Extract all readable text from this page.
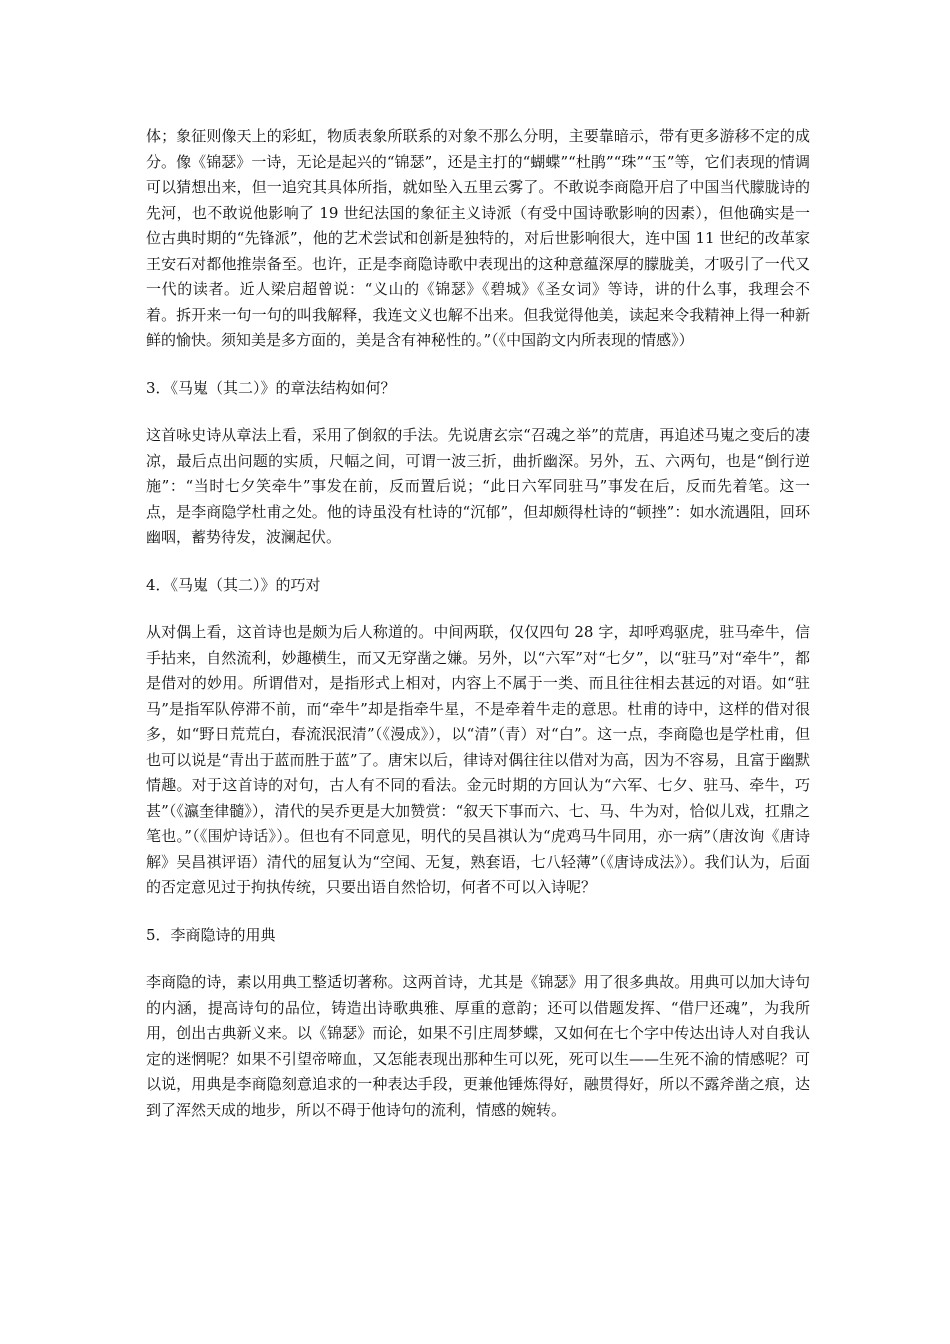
体；象征则像天上的彩虹，物质表象所联系的对象不那么分明，主要靠暗示，带有更多游移不定的成分。像《锦瑟》一诗，无论是起兴的“锦瑟”，还是主打的“蝴蝶”“杜鹃”“珠”“玉”等，它们表现的情调可以猜想出来，但一追究其具体所指，就如坠入五里云雾了。不敢说李商隐开启了中国当代朦胧诗的先河，也不敢说他影响了 19 世纪法国的象征主义诗派（有受中国诗歌影响的因素），但他确实是一位古典时期的“先锋派”，他的艺术尝试和创新是独特的，对后世影响很大，连中国 11 世纪的改革家王安石对都他推崇备至。也许，正是李商隐诗歌中表现出的这种意蕴深厚的朦胧美，才吸引了一代又一代的读者。近人梁启超曾说：“义山的《锦瑟》《碧城》《圣女词》等诗，讲的什么事，我理会不着。拆开来一句一句的叫我解释，我连文义也解不出来。但我觉得他美，读起来令我精神上得一种新鲜的愉快。须知美是多方面的，美是含有神秘性的。”（《中国韵文内所表现的情感》）

3．《马嵬（其二）》的章法结构如何？

这首咏史诗从章法上看，采用了倒叙的手法。先说唐玄宗“召魂之举”的荒唐，再追述马嵬之变后的凄凉，最后点出问题的实质，尺幅之间，可谓一波三折，曲折幽深。另外，五、六两句，也是“倒行逆施”：“当时七夕笑牵牛”事发在前，反而置后说；“此日六军同驻马”事发在后，反而先着笔。这一点，是李商隐学杜甫之处。他的诗虽没有杜诗的“沉郁”，但却颇得杜诗的“顿挫”：如水流遇阻，回环幽咽，蓄势待发，波澜起伏。

4．《马嵬（其二）》的巧对

从对偶上看，这首诗也是颇为后人称道的。中间两联，仅仅四句 28 字，却呼鸡驱虎，驻马牵牛，信手拈来，自然流利，妙趣横生，而又无穿凿之嫌。另外，以“六军”对“七夕”，以“驻马”对“牵牛”，都是借对的妙用。所谓借对，是指形式上相对，内容上不属于一类、而且往往相去甚远的对语。如“驻马”是指军队停滞不前，而“牵牛”却是指牵牛星，不是牵着牛走的意思。杜甫的诗中，这样的借对很多，如“野日荒荒白，春流泯泯清”（《漫成》），以“清”（青）对“白”。这一点，李商隐也是学杜甫，但也可以说是“青出于蓝而胜于蓝”了。唐宋以后，律诗对偶往往以借对为高，因为不容易，且富于幽默情趣。对于这首诗的对句，古人有不同的看法。金元时期的方回认为“六军、七夕、驻马、牵牛，巧甚”（《瀛奎律髓》），清代的吴乔更是大加赞赏：“叙天下事而六、七、马、牛为对，恰似儿戏，扛鼎之笔也。”（《围炉诗话》）。但也有不同意见，明代的吴昌祺认为“虎鸡马牛同用，亦一病”（唐汝询《唐诗解》吴昌祺评语）清代的屈复认为“空闻、无复，熟套语，七八轻薄”（《唐诗成法》）。我们认为，后面的否定意见过于拘执传统，只要出语自然恰切，何者不可以入诗呢？

5．李商隐诗的用典

李商隐的诗，素以用典工整适切著称。这两首诗，尤其是《锦瑟》用了很多典故。用典可以加大诗句的内涵，提高诗句的品位，铸造出诗歌典雅、厚重的意韵；还可以借题发挥、“借尸还魂”，为我所用，创出古典新义来。以《锦瑟》而论，如果不引庄周梦蝶，又如何在七个字中传达出诗人对自我认定的迷惘呢？如果不引望帝啼血，又怎能表现出那种生可以死，死可以生——生死不渝的情感呢？可以说，用典是李商隐刻意追求的一种表达手段，更兼他锤炼得好，融贯得好，所以不露斧凿之痕，达到了浑然天成的地步，所以不碍于他诗句的流利，情感的婉转。
